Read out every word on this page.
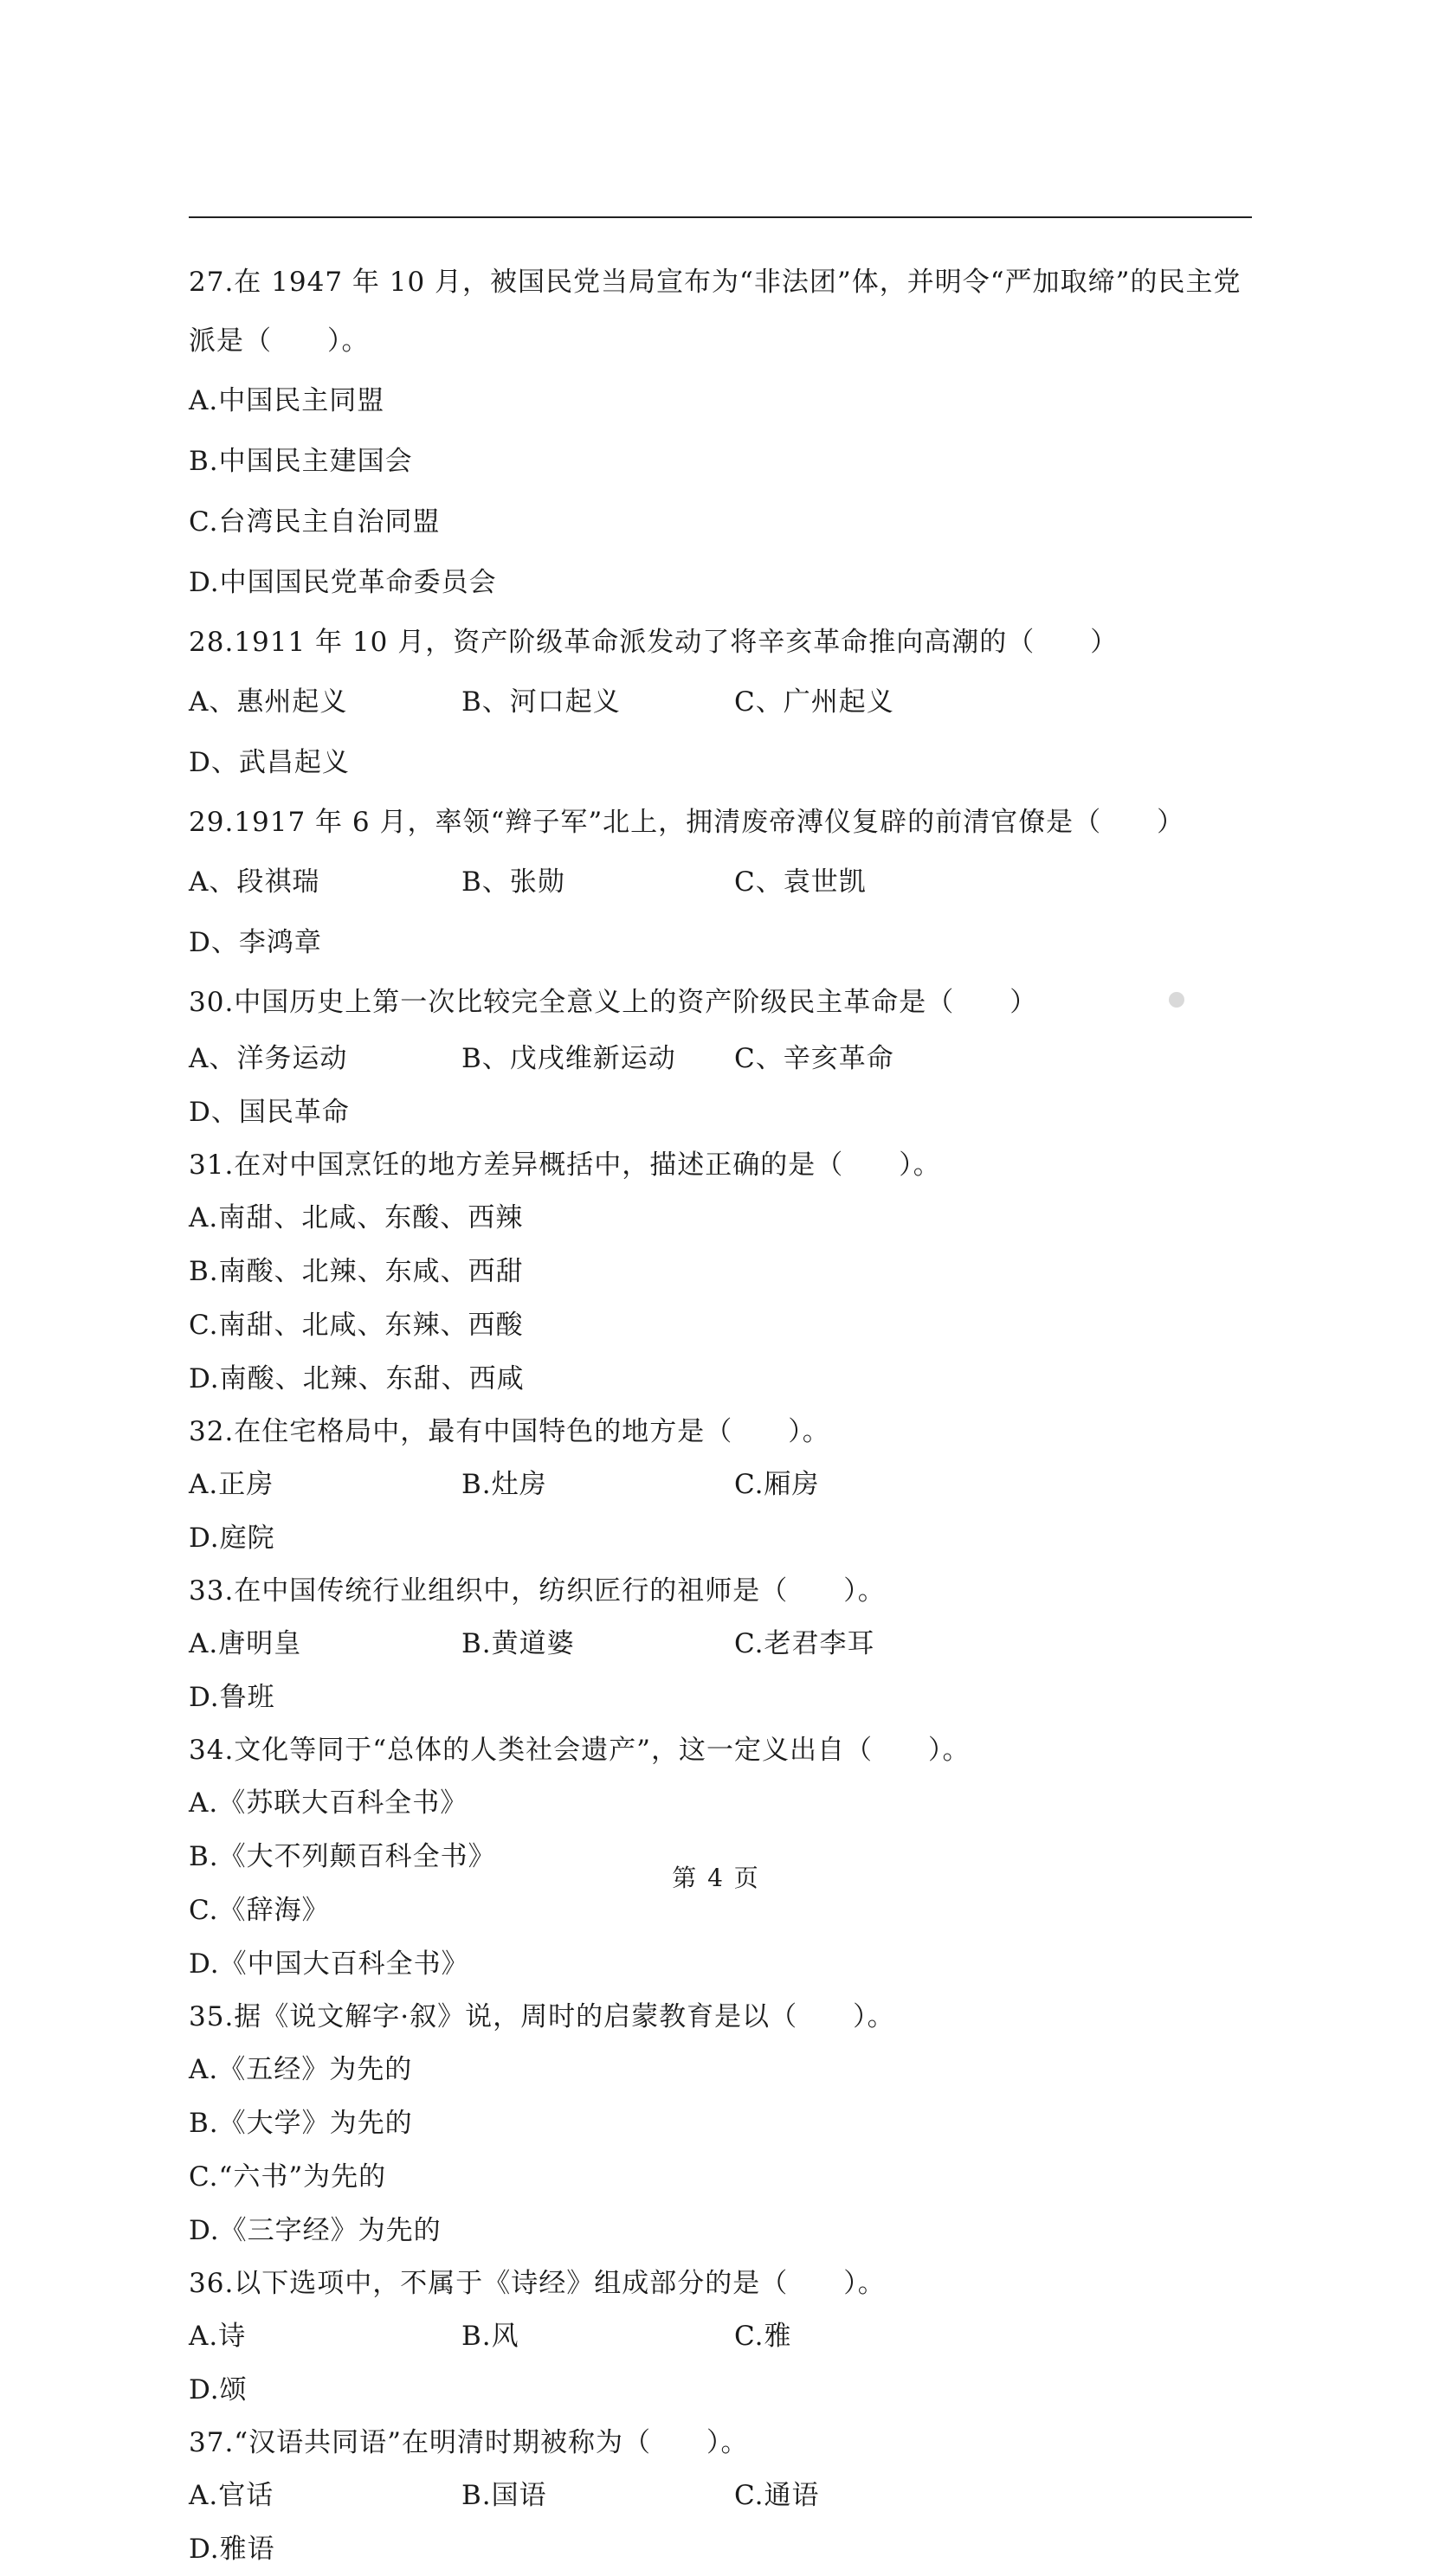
27.在 1947 年 10 月，被国民党当局宣布为“非法团”体，并明令“严加取缔”的民主党派是（　　）。

A.中国民主同盟
B.中国民主建国会
C.台湾民主自治同盟
D.中国国民党革命委员会

28.1911 年 10 月，资产阶级革命派发动了将辛亥革命推向高潮的（　　）

A、惠州起义	B、河口起义	C、广州起义
D、武昌起义

29.1917 年 6 月，率领“辫子军”北上，拥清废帝溥仪复辟的前清官僚是（　　）

A、段祺瑞	B、张勋	C、袁世凯
D、李鸿章

30.中国历史上第一次比较完全意义上的资产阶级民主革命是（　　）

A、洋务运动	B、戊戌维新运动	C、辛亥革命
D、国民革命

31.在对中国烹饪的地方差异概括中，描述正确的是（　　）。

A.南甜、北咸、东酸、西辣
B.南酸、北辣、东咸、西甜
C.南甜、北咸、东辣、西酸
D.南酸、北辣、东甜、西咸

32.在住宅格局中，最有中国特色的地方是（　　）。

A.正房	B.灶房	C.厢房
D.庭院

33.在中国传统行业组织中，纺织匠行的祖师是（　　）。

A.唐明皇	B.黄道婆	C.老君李耳
D.鲁班

34.文化等同于“总体的人类社会遗产”，这一定义出自（　　）。

A.《苏联大百科全书》
B.《大不列颠百科全书》
C.《辞海》
D.《中国大百科全书》

35.据《说文解字·叙》说，周时的启蒙教育是以（　　）。

A.《五经》为先的
B.《大学》为先的
C.“六书”为先的
D.《三字经》为先的

36.以下选项中，不属于《诗经》组成部分的是（　　）。

A.诗	B.风	C.雅
D.颂

37.“汉语共同语”在明清时期被称为（　　）。

A.官话	B.国语	C.通语
D.雅语
第 4 页
